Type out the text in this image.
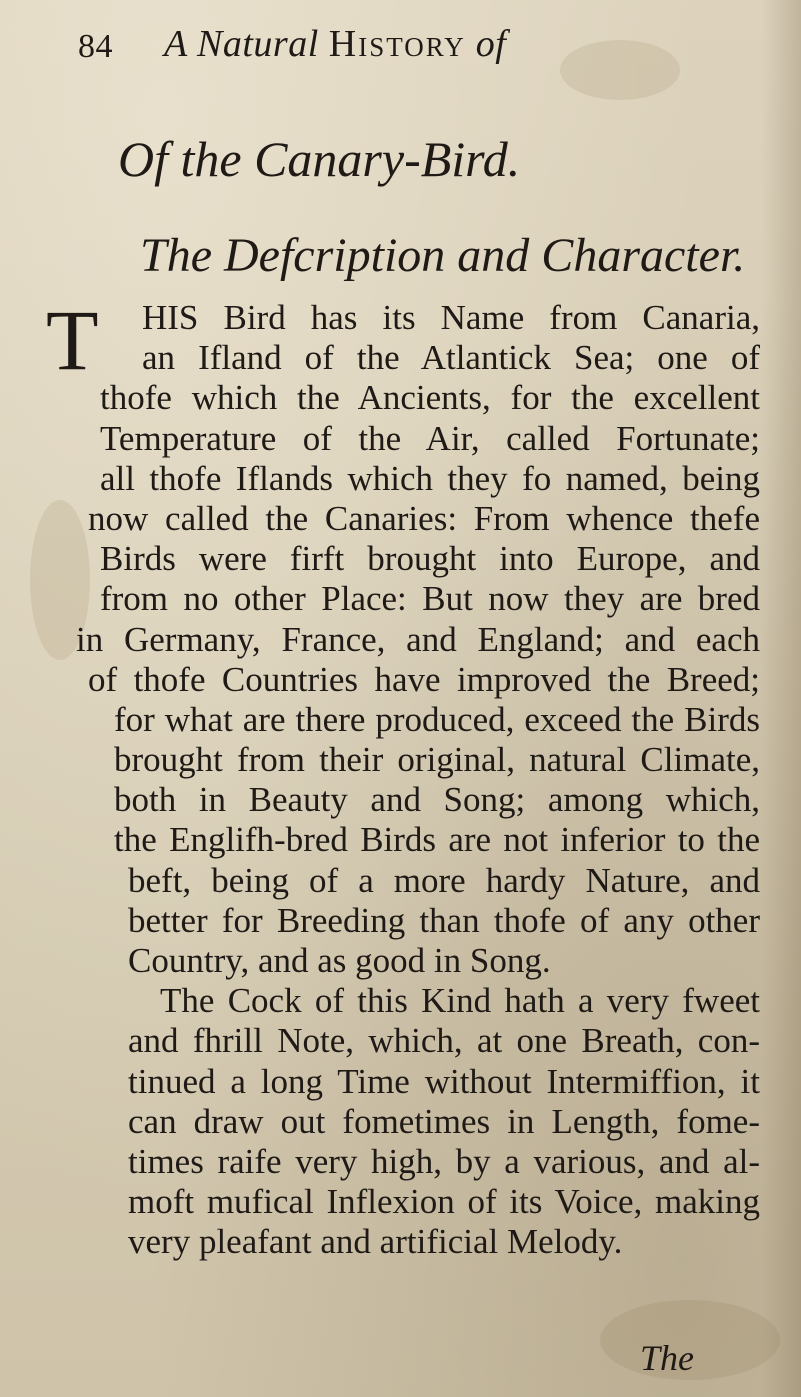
84 A Natural History of
Of the Canary-Bird.
The Defcription and Character.
T	HIS Bird has its Name from Canaria,
an Ifland of the Atlantick Sea; one of
thofe which the Ancients, for the excellent
Temperature of the Air, called Fortunate;
all thofe Iflands which they fo named, being
now called the Canaries: From whence thefe
Birds were firft brought into Europe, and
from no other Place: But now they are bred
in Germany, France, and England; and each
of thofe Countries have improved the Breed;
for what are there produced, exceed the Birds
brought from their original, natural Climate,
both in Beauty and Song; among which,
the Englifh-bred Birds are not inferior to the
beft, being of a more hardy Nature, and
better for Breeding than thofe of any other
Country, and as good in Song.
The Cock of this Kind hath a very fweet
and fhrill Note, which, at one Breath, con-
tinued a long Time without Intermiffion, it
can draw out fometimes in Length, fome-
times raife very high, by a various, and al-
moft mufical Inflexion of its Voice, making
very pleafant and artificial Melody.
The
